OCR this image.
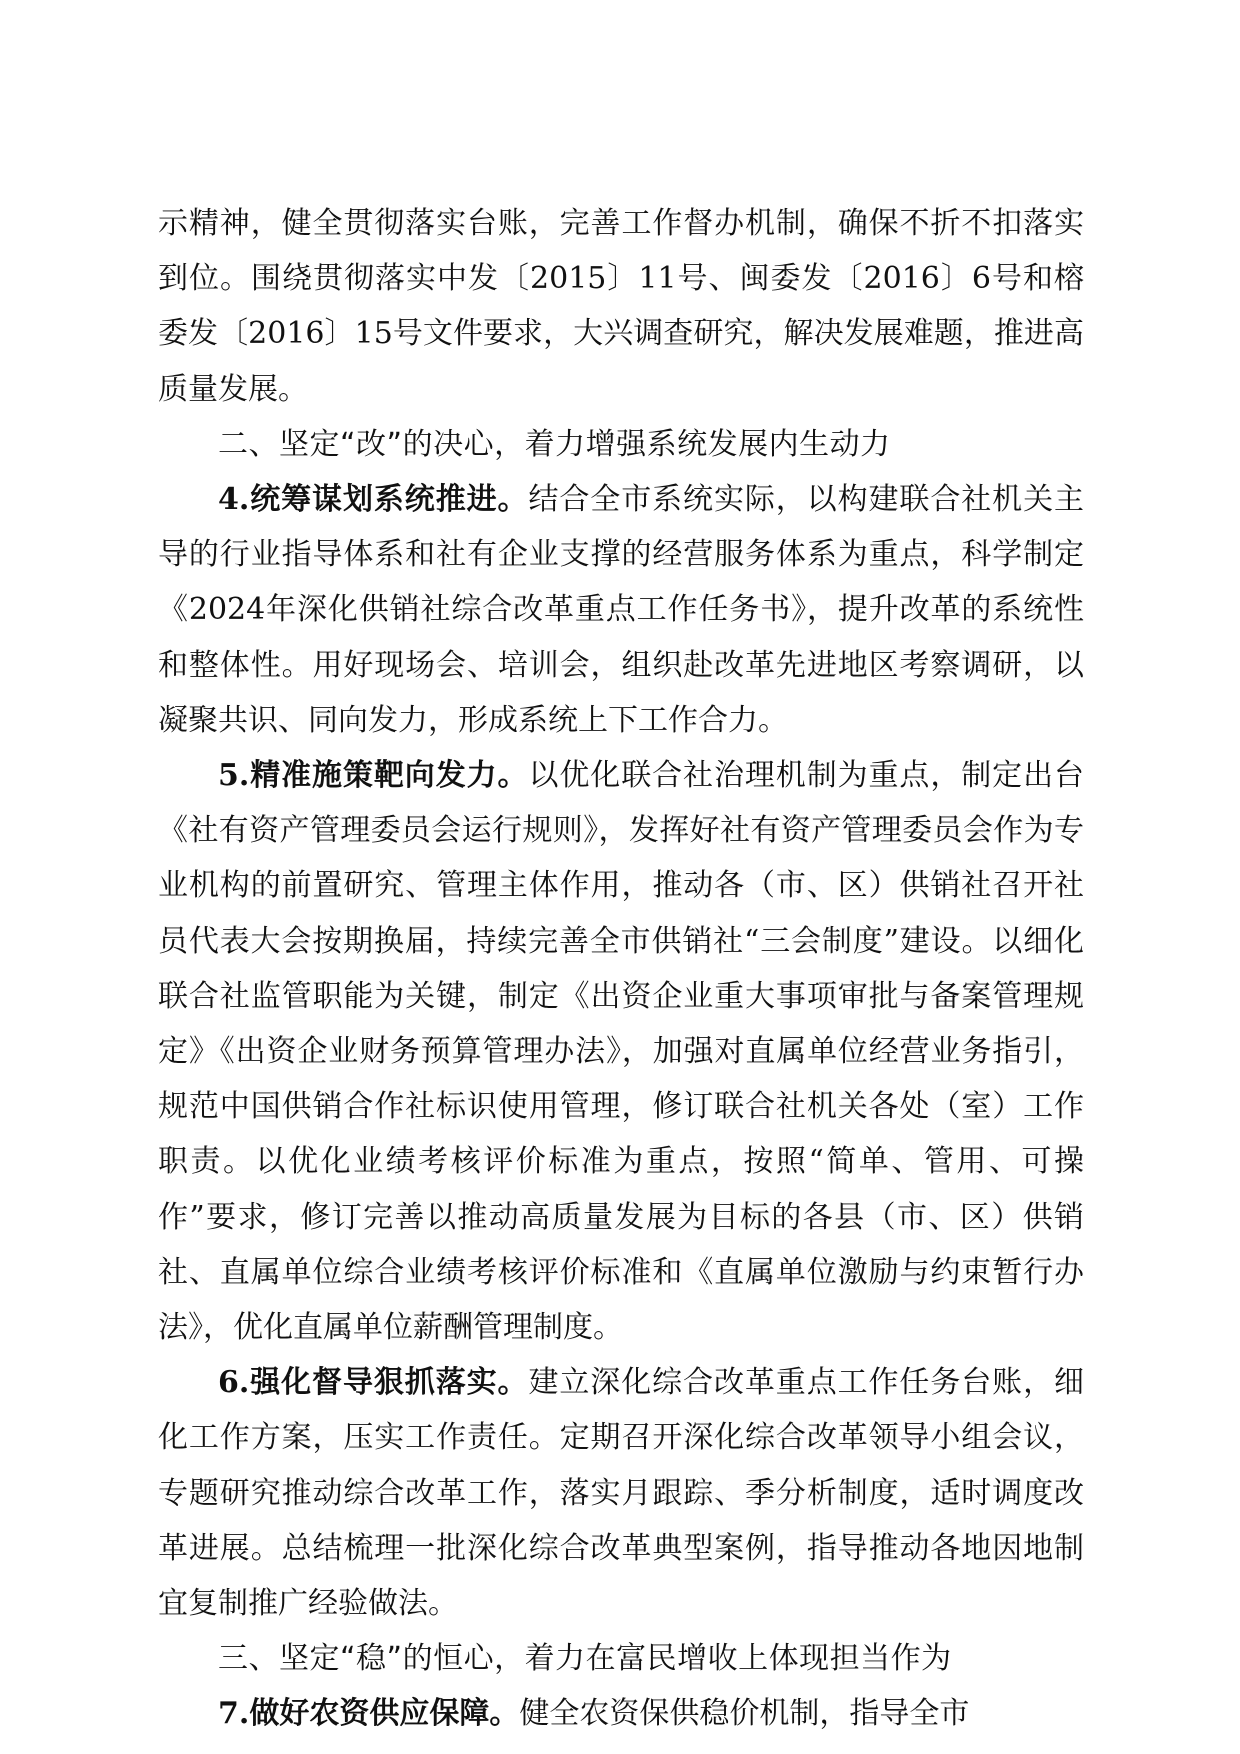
示精神，健全贯彻落实台账，完善工作督办机制，确保不折不扣落实到位。围绕贯彻落实中发〔2015〕11号、闽委发〔2016〕6号和榕委发〔2016〕15号文件要求，大兴调查研究，解决发展难题，推进高质量发展。

二、坚定“改”的决心，着力增强系统发展内生动力

4.统筹谋划系统推进。结合全市系统实际，以构建联合社机关主导的行业指导体系和社有企业支撑的经营服务体系为重点，科学制定《2024年深化供销社综合改革重点工作任务书》，提升改革的系统性和整体性。用好现场会、培训会，组织赴改革先进地区考察调研，以凝聚共识、同向发力，形成系统上下工作合力。

5.精准施策靶向发力。以优化联合社治理机制为重点，制定出台《社有资产管理委员会运行规则》，发挥好社有资产管理委员会作为专业机构的前置研究、管理主体作用，推动各（市、区）供销社召开社员代表大会按期换届，持续完善全市供销社“三会制度”建设。以细化联合社监管职能为关键，制定《出资企业重大事项审批与备案管理规定》《出资企业财务预算管理办法》，加强对直属单位经营业务指引，规范中国供销合作社标识使用管理，修订联合社机关各处（室）工作职责。以优化业绩考核评价标准为重点，按照“简单、管用、可操作”要求，修订完善以推动高质量发展为目标的各县（市、区）供销社、直属单位综合业绩考核评价标准和《直属单位激励与约束暂行办法》，优化直属单位薪酬管理制度。

6.强化督导狠抓落实。建立深化综合改革重点工作任务台账，细化工作方案，压实工作责任。定期召开深化综合改革领导小组会议，专题研究推动综合改革工作，落实月跟踪、季分析制度，适时调度改革进展。总结梳理一批深化综合改革典型案例，指导推动各地因地制宜复制推广经验做法。

三、坚定“稳”的恒心，着力在富民增收上体现担当作为

7.做好农资供应保障。健全农资保供稳价机制，指导全市
